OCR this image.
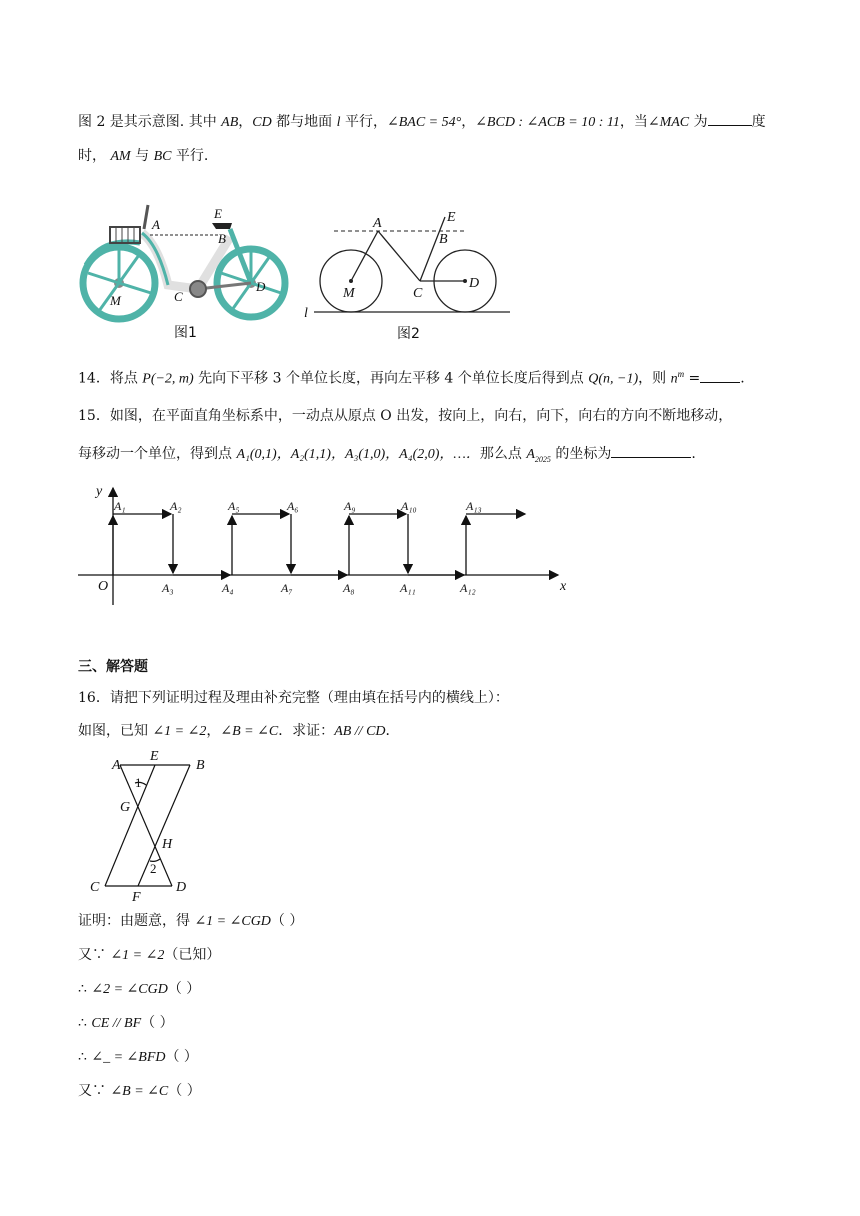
图 2 是其示意图. 其中 AB，CD 都与地面 l 平行，∠BAC = 54°，∠BCD : ∠ACB = 10 : 11，当∠MAC 为	度
时， AM 与 BC 平行.
A
E
B
C
D
M
图1
A	E
B
C
D
M
l
图2
14．将点 P(−2, m) 先向下平移 3 个单位长度，再向左平移 4 个单位长度后得到点 Q(n, −1)，则 $n^m$ =	.
15．如图，在平面直角坐标系中，一动点从原点 O 出发，按向上，向右，向下，向右的方向不断地移动，
每移动一个单位，得到点 A₁(0,1)，A₂(1,1)，A₃(1,0)，A₄(2,0)，…．那么点 $A_{2025}$ 的坐标为	.
y
x
O
A₁	A₂	A₅	A₆	A₉	A₁₀	A₁₃
A₃	A₄	A₇	A₈	A₁₁	A₁₂
三、解答题
16．请把下列证明过程及理由补充完整（理由填在括号内的横线上）：
如图，已知 ∠1 = ∠2，∠B = ∠C．求证：AB // CD．
A
E
B
G
H
C
F
D
1
2
证明：由题意，得 ∠1 = ∠CGD（ ）
又∵ ∠1 = ∠2（已知）
∴ ∠2 = ∠CGD（ ）
∴ CE // BF（ ）
∴ ∠_ = ∠BFD（ ）
又∵ ∠B = ∠C（ ）
